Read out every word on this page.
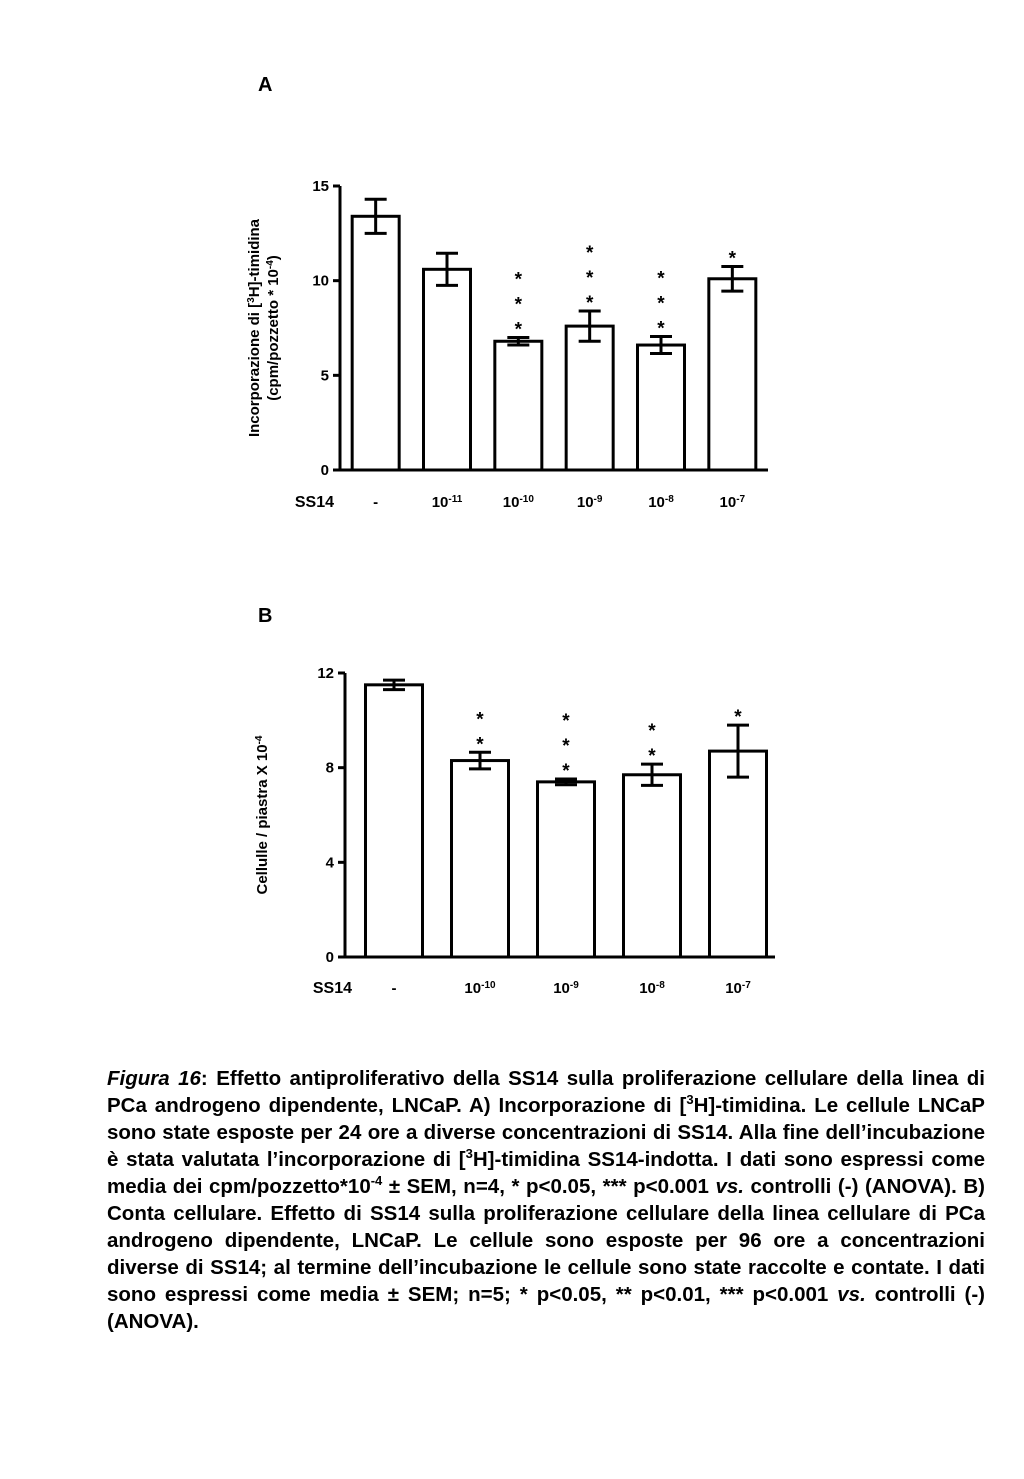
A
0
5
10
15
Incorporazione di [$^3$H]-timidina
(cpm/pozzetto * $10^{-4}$)
SS14	-	$10^{-11}$
*
*
*
$10^{-10}$
*
*
*
$10^{-9}$
*
*
*
$10^{-8}$
*
$10^{-7}$
B
0
4
8
12
Cellulle / piastra X $10^{-4}$
SS14	-
*
*
$10^{-10}$
*
*
*
$10^{-9}$
*
*
$10^{-8}$
*
$10^{-7}$
Figura 16: Effetto antiproliferativo della SS14 sulla proliferazione cellulare della linea di PCa androgeno dipendente, LNCaP. A) Incorporazione di [$^3$H]-timidina. Le cellule LNCaP sono state esposte per 24 ore a diverse concentrazioni di SS14. Alla fine dell’incubazione è stata valutata l’incorporazione di [$^3$H]-timidina SS14-indotta. I dati sono espressi come media dei cpm/$pozzetto*10^{-4}$ ± SEM, n=4, * p<0.05, *** p<0.001 vs. controlli (-) (ANOVA). B) Conta cellulare. Effetto di SS14 sulla proliferazione cellulare della linea cellulare di PCa androgeno dipendente, LNCaP. Le cellule sono esposte per 96 ore a concentrazioni diverse di SS14; al termine dell’incubazione le cellule sono state raccolte e contate. I dati sono espressi come media ± SEM; n=5; * p<0.05, ** p<0.01, *** p<0.001 vs. controlli (-) (ANOVA).
